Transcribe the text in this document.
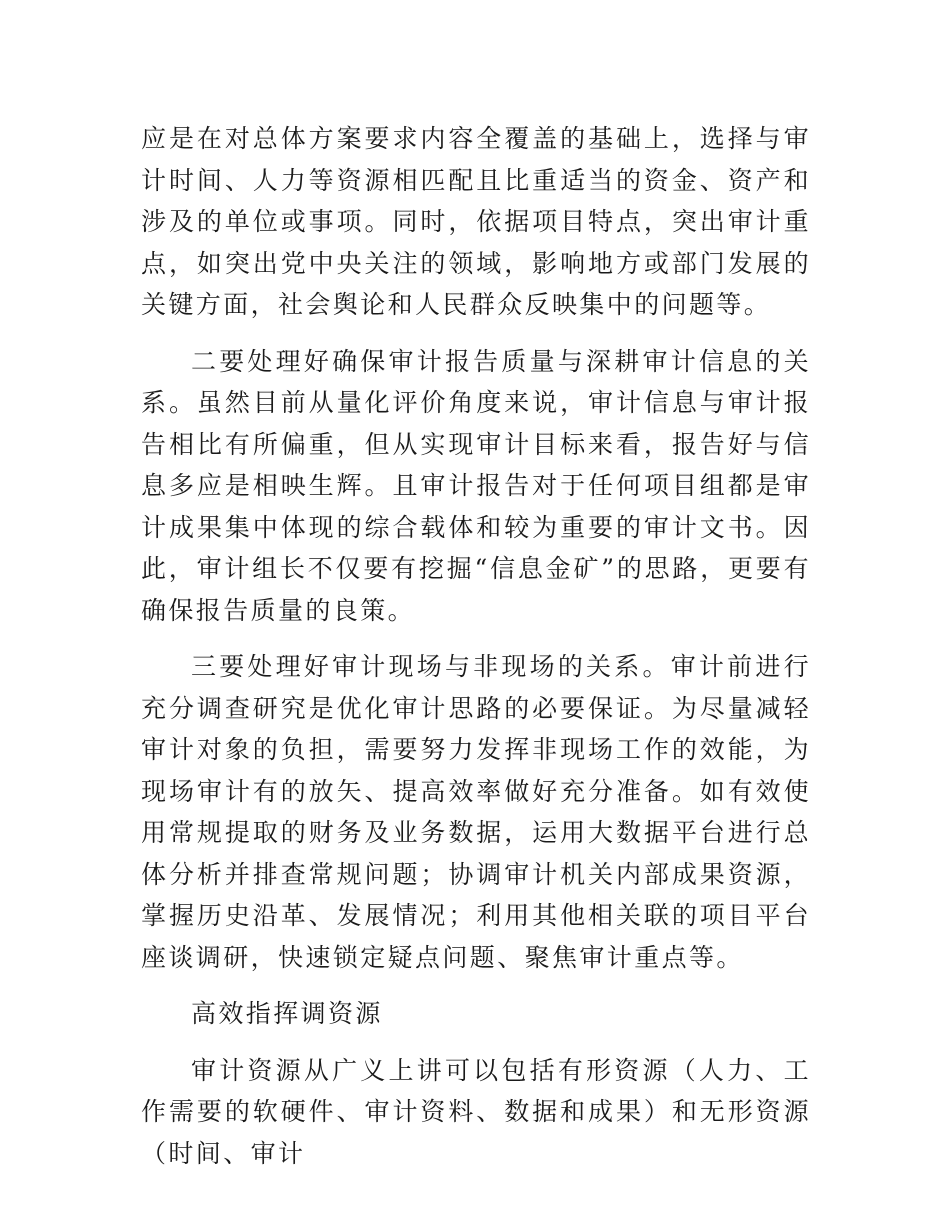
应是在对总体方案要求内容全覆盖的基础上，选择与审计时间、人力等资源相匹配且比重适当的资金、资产和涉及的单位或事项。同时，依据项目特点，突出审计重点，如突出党中央关注的领域，影响地方或部门发展的关键方面，社会舆论和人民群众反映集中的问题等。

二要处理好确保审计报告质量与深耕审计信息的关系。虽然目前从量化评价角度来说，审计信息与审计报告相比有所偏重，但从实现审计目标来看，报告好与信息多应是相映生辉。且审计报告对于任何项目组都是审计成果集中体现的综合载体和较为重要的审计文书。因此，审计组长不仅要有挖掘“信息金矿”的思路，更要有确保报告质量的良策。

三要处理好审计现场与非现场的关系。审计前进行充分调查研究是优化审计思路的必要保证。为尽量减轻审计对象的负担，需要努力发挥非现场工作的效能，为现场审计有的放矢、提高效率做好充分准备。如有效使用常规提取的财务及业务数据，运用大数据平台进行总体分析并排查常规问题；协调审计机关内部成果资源，掌握历史沿革、发展情况；利用其他相关联的项目平台座谈调研，快速锁定疑点问题、聚焦审计重点等。

高效指挥调资源

审计资源从广义上讲可以包括有形资源（人力、工作需要的软硬件、审计资料、数据和成果）和无形资源（时间、审计
